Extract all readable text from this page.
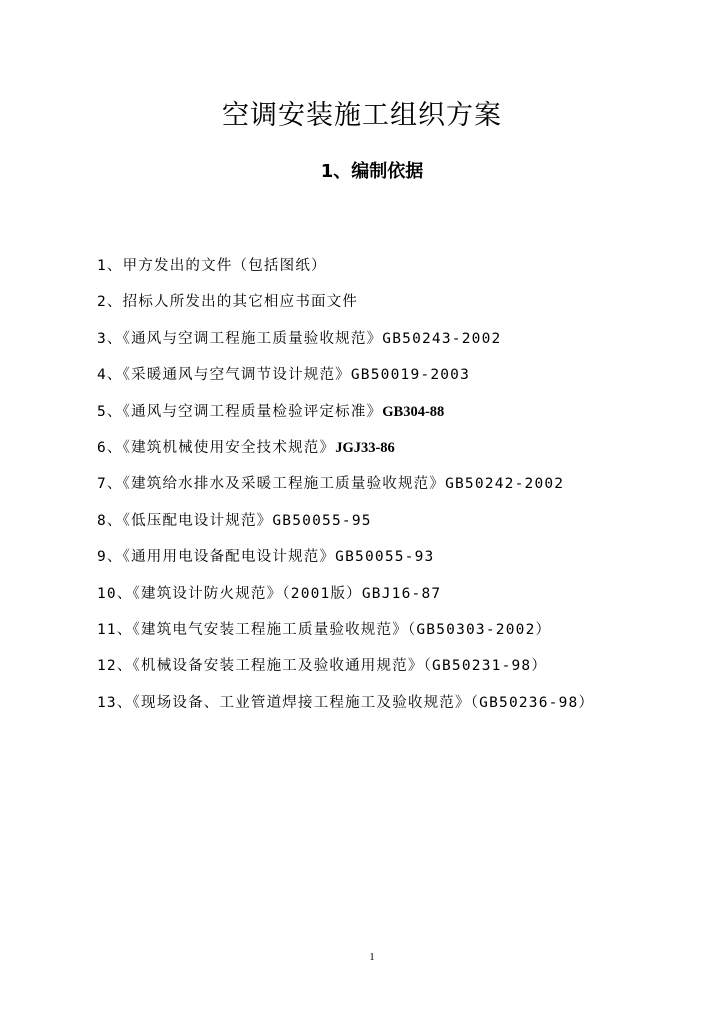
空调安装施工组织方案
1、编制依据
1、甲方发出的文件（包括图纸）
2、招标人所发出的其它相应书面文件
3、《通风与空调工程施工质量验收规范》GB50243-2002
4、《采暖通风与空气调节设计规范》GB50019-2003
5、《通风与空调工程质量检验评定标准》GB304-88
6、《建筑机械使用安全技术规范》JGJ33-86
7、《建筑给水排水及采暖工程施工质量验收规范》GB50242-2002
8、《低压配电设计规范》GB50055-95
9、《通用用电设备配电设计规范》GB50055-93
10、《建筑设计防火规范》（2001版）GBJ16-87
11、《建筑电气安装工程施工质量验收规范》（GB50303-2002）
12、《机械设备安装工程施工及验收通用规范》（GB50231-98）
13、《现场设备、工业管道焊接工程施工及验收规范》（GB50236-98）
1
